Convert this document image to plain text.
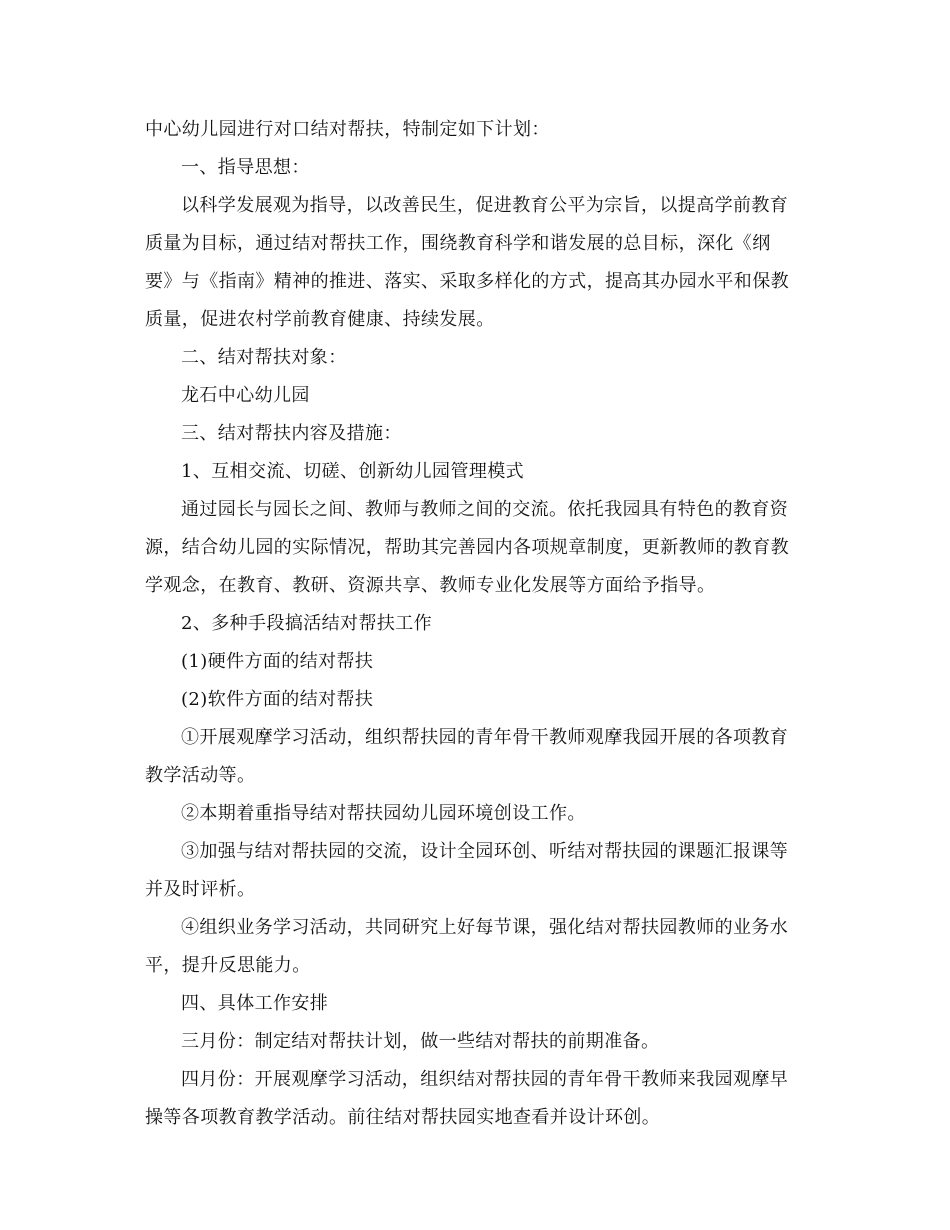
中心幼儿园进行对口结对帮扶，特制定如下计划：
一、指导思想：
以科学发展观为指导，以改善民生，促进教育公平为宗旨，以提高学前教育
质量为目标，通过结对帮扶工作，围绕教育科学和谐发展的总目标，深化《纲
要》与《指南》精神的推进、落实、采取多样化的方式，提高其办园水平和保教
质量，促进农村学前教育健康、持续发展。
二、结对帮扶对象：
龙石中心幼儿园
三、结对帮扶内容及措施：
1、互相交流、切磋、创新幼儿园管理模式
通过园长与园长之间、教师与教师之间的交流。依托我园具有特色的教育资
源，结合幼儿园的实际情况，帮助其完善园内各项规章制度，更新教师的教育教
学观念，在教育、教研、资源共享、教师专业化发展等方面给予指导。
2、多种手段搞活结对帮扶工作
(1)硬件方面的结对帮扶
(2)软件方面的结对帮扶
①开展观摩学习活动，组织帮扶园的青年骨干教师观摩我园开展的各项教育
教学活动等。
②本期着重指导结对帮扶园幼儿园环境创设工作。
③加强与结对帮扶园的交流，设计全园环创、听结对帮扶园的课题汇报课等
并及时评析。
④组织业务学习活动，共同研究上好每节课，强化结对帮扶园教师的业务水
平，提升反思能力。
四、具体工作安排
三月份：制定结对帮扶计划，做一些结对帮扶的前期准备。
四月份：开展观摩学习活动，组织结对帮扶园的青年骨干教师来我园观摩早
操等各项教育教学活动。前往结对帮扶园实地查看并设计环创。
